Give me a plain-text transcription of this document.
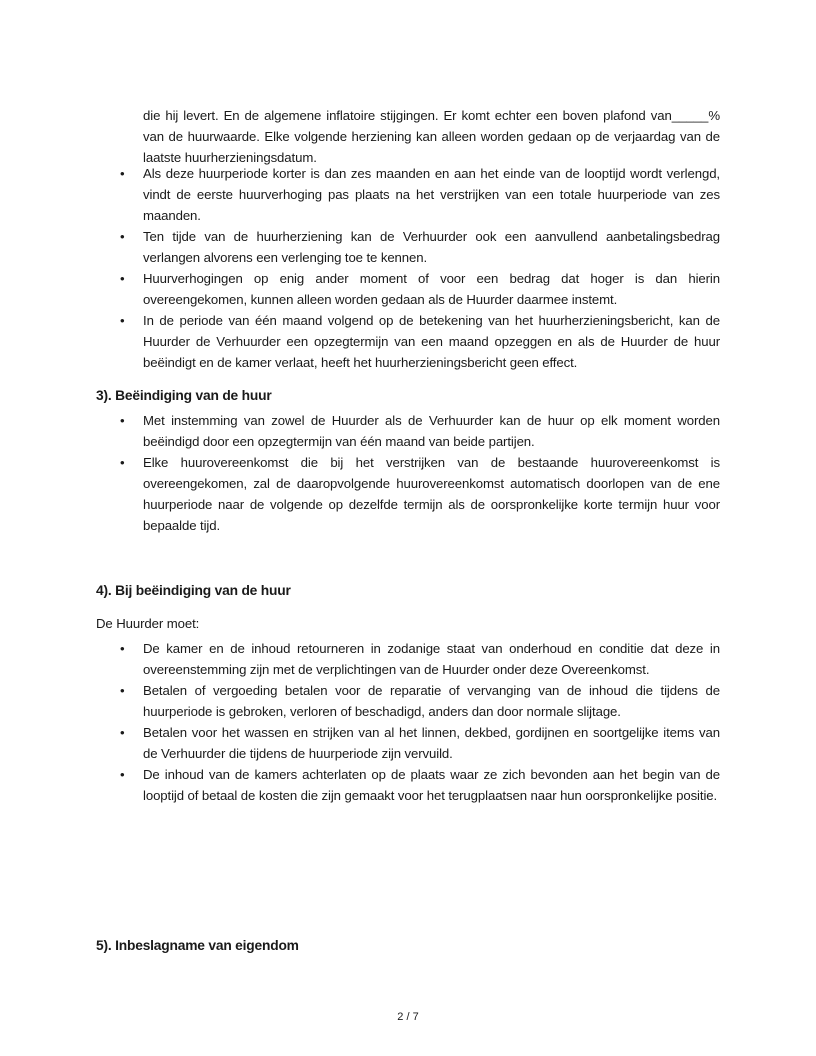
die hij levert. En de algemene inflatoire stijgingen. Er komt echter een boven plafond van_____% van de huurwaarde. Elke volgende herziening kan alleen worden gedaan op de verjaardag van de laatste huurherzieningsdatum.

• Als deze huurperiode korter is dan zes maanden en aan het einde van de looptijd wordt verlengd, vindt de eerste huurverhoging pas plaats na het verstrijken van een totale huurperiode van zes maanden.
• Ten tijde van de huurherziening kan de Verhuurder ook een aanvullend aanbetalingsbedrag verlangen alvorens een verlenging toe te kennen.
• Huurverhogingen op enig ander moment of voor een bedrag dat hoger is dan hierin overeengekomen, kunnen alleen worden gedaan als de Huurder daarmee instemt.
• In de periode van één maand volgend op de betekening van het huurherzieningsbericht, kan de Huurder de Verhuurder een opzegtermijn van een maand opzeggen en als de Huurder de huur beëindigt en de kamer verlaat, heeft het huurherzieningsbericht geen effect.
3). Beëindiging van de huur
• Met instemming van zowel de Huurder als de Verhuurder kan de huur op elk moment worden beëindigd door een opzegtermijn van één maand van beide partijen.
• Elke huurovereenkomst die bij het verstrijken van de bestaande huurovereenkomst is overeengekomen, zal de daaropvolgende huurovereenkomst automatisch doorlopen van de ene huurperiode naar de volgende op dezelfde termijn als de oorspronkelijke korte termijn huur voor bepaalde tijd.
4). Bij beëindiging van de huur

De Huurder moet:

• De kamer en de inhoud retourneren in zodanige staat van onderhoud en conditie dat deze in overeenstemming zijn met de verplichtingen van de Huurder onder deze Overeenkomst.
• Betalen of vergoeding betalen voor de reparatie of vervanging van de inhoud die tijdens de huurperiode is gebroken, verloren of beschadigd, anders dan door normale slijtage.
• Betalen voor het wassen en strijken van al het linnen, dekbed, gordijnen en soortgelijke items van de Verhuurder die tijdens de huurperiode zijn vervuild.
• De inhoud van de kamers achterlaten op de plaats waar ze zich bevonden aan het begin van de looptijd of betaal de kosten die zijn gemaakt voor het terugplaatsen naar hun oorspronkelijke positie.
5). Inbeslagname van eigendom
2 / 7
